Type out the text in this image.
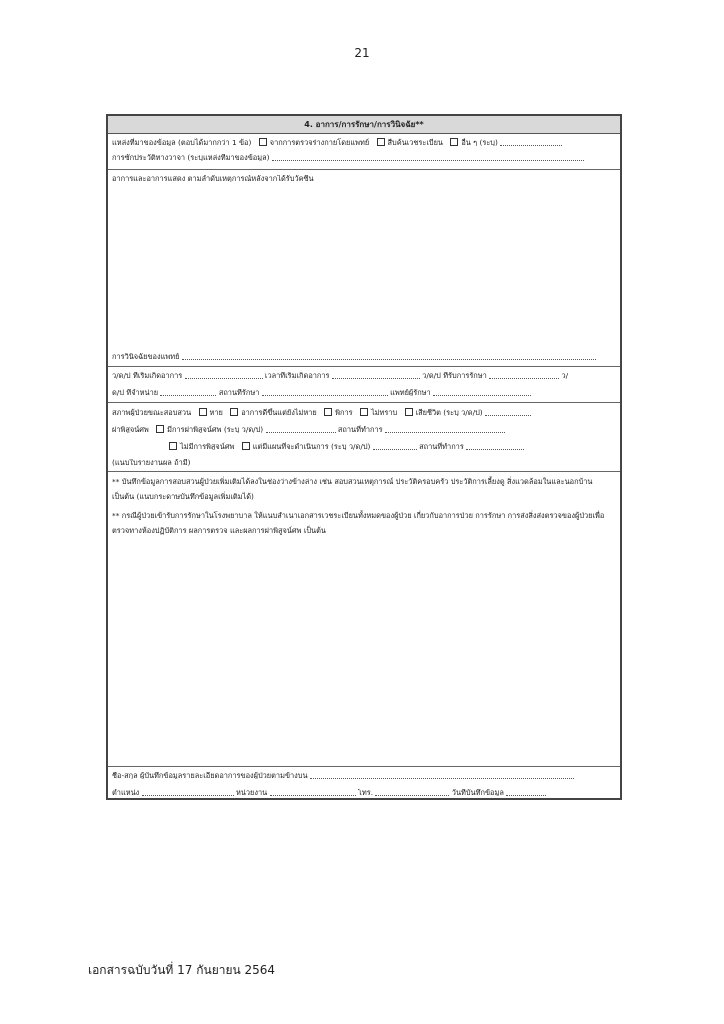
21
4. อาการ/การรักษา/การวินิจฉัย**
แหล่งที่มาของข้อมูล (ตอบได้มากกว่า 1 ข้อ) จากการตรวจร่างกายโดยแพทย์ สืบค้นเวชระเบียน อื่น ๆ (ระบุ)
การซักประวัติทางวาจา (ระบุแหล่งที่มาของข้อมูล)
อาการและอาการแสดง ตามลำดับเหตุการณ์หลังจากได้รับวัคซีน
การวินิจฉัยของแพทย์
ว/ด/ป ที่เริ่มเกิดอาการ	เวลาที่เริ่มเกิดอาการ	ว/ด/ป ที่รับการรักษา	ว/
ด/ป ที่จำหน่าย	สถานที่รักษา	แพทย์ผู้รักษา
สภาพผู้ป่วยขณะสอบสวน หาย อาการดีขึ้นแต่ยังไม่หาย พิการ ไม่ทราบ เสียชีวิต (ระบุ ว/ด/ป)
ผ่าพิสูจน์ศพ มีการผ่าพิสูจน์ศพ (ระบุ ว/ด/ป)	สถานที่ทำการ
ไม่มีการพิสูจน์ศพ แต่มีแผนที่จะดำเนินการ (ระบุ ว/ด/ป)	สถานที่ทำการ
(แนบใบรายงานผล ถ้ามี)
** บันทึกข้อมูลการสอบสวนผู้ป่วยเพิ่มเติมได้ลงในช่องว่างข้างล่าง เช่น สอบสวนเหตุการณ์ ประวัติครอบครัว ประวัติการเลี้ยงดู สิ่งแวดล้อมในและนอกบ้าน เป็นต้น (แนบกระดาษบันทึกข้อมูลเพิ่มเติมได้)
** กรณีผู้ป่วยเข้ารับการรักษาในโรงพยาบาล ให้แนบสำเนาเอกสารเวชระเบียนทั้งหมดของผู้ป่วย เกี่ยวกับอาการป่วย การรักษา การส่งสิ่งส่งตรวจของผู้ป่วยเพื่อตรวจทางห้องปฏิบัติการ ผลการตรวจ และผลการผ่าพิสูจน์ศพ เป็นต้น
ชื่อ-สกุล ผู้บันทึกข้อมูลรายละเอียดอาการของผู้ป่วยตามข้างบน
ตำแหน่ง	หน่วยงาน	โทร.	วันที่บันทึกข้อมูล
เอกสารฉบับวันที่ 17 กันยายน 2564
